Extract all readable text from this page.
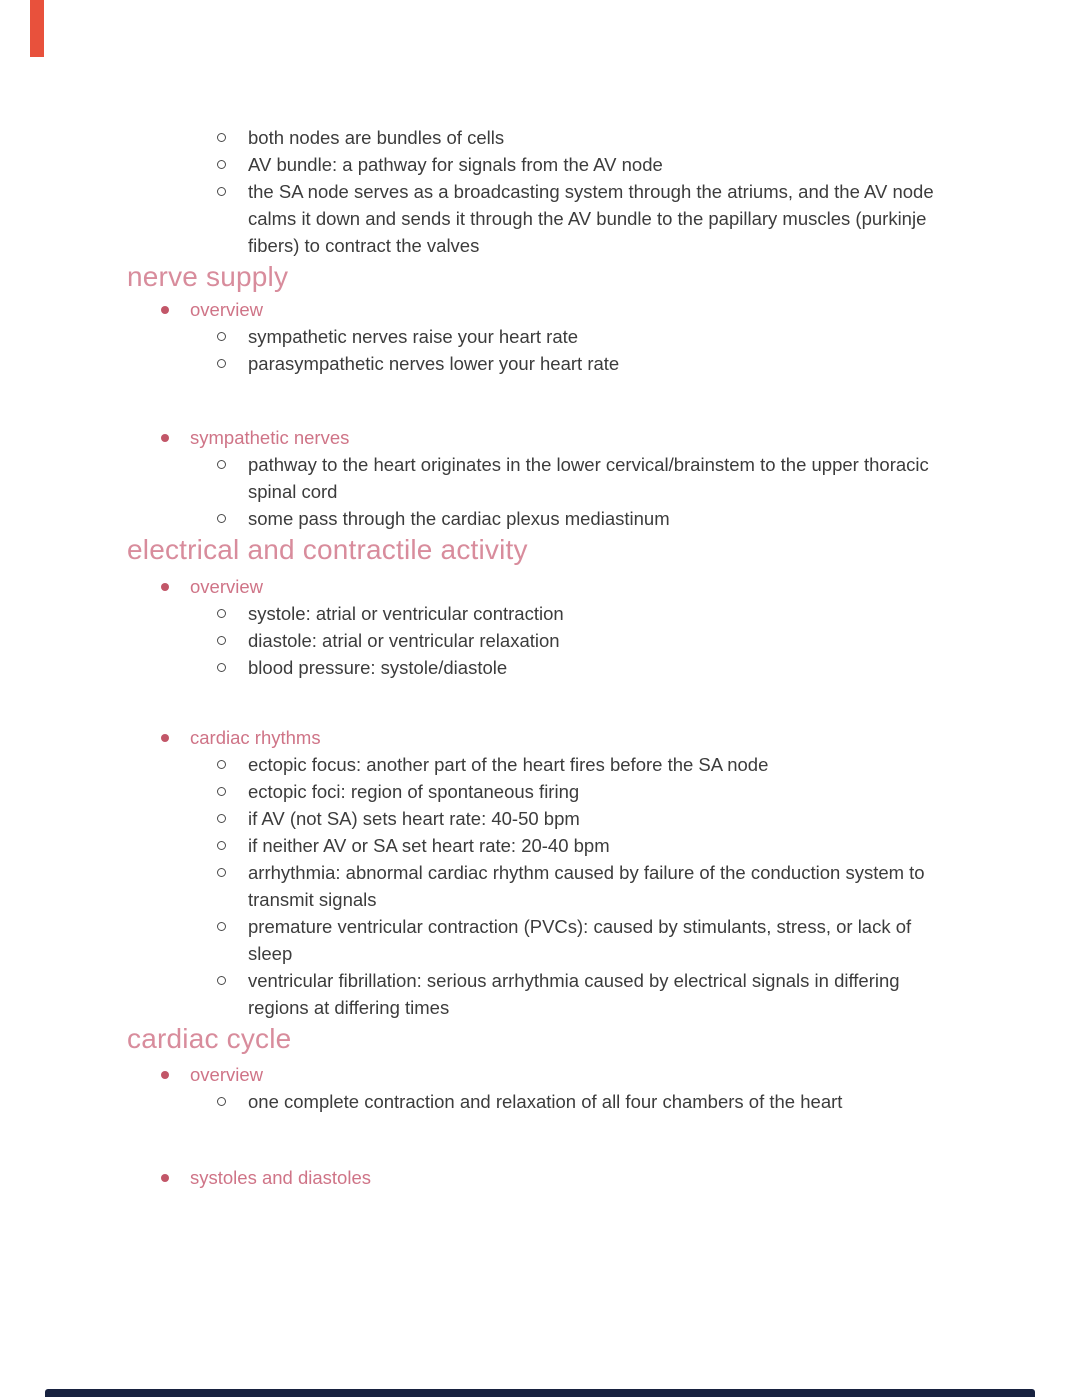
both nodes are bundles of cells
AV bundle: a pathway for signals from the AV node
the SA node serves as a broadcasting system through the atriums, and the AV node calms it down and sends it through the AV bundle to the papillary muscles (purkinje fibers) to contract the valves
nerve supply
overview
sympathetic nerves raise your heart rate
parasympathetic nerves lower your heart rate
sympathetic nerves
pathway to the heart originates in the lower cervical/brainstem to the upper thoracic spinal cord
some pass through the cardiac plexus mediastinum
electrical and contractile activity
overview
systole: atrial or ventricular contraction
diastole: atrial or ventricular relaxation
blood pressure: systole/diastole
cardiac rhythms
ectopic focus: another part of the heart fires before the SA node
ectopic foci: region of spontaneous firing
if AV (not SA) sets heart rate: 40-50 bpm
if neither AV or SA set heart rate: 20-40 bpm
arrhythmia: abnormal cardiac rhythm caused by failure of the conduction system to transmit signals
premature ventricular contraction (PVCs): caused by stimulants, stress, or lack of sleep
ventricular fibrillation: serious arrhythmia caused by electrical signals in differing regions at differing times
cardiac cycle
overview
one complete contraction and relaxation of all four chambers of the heart
systoles and diastoles
